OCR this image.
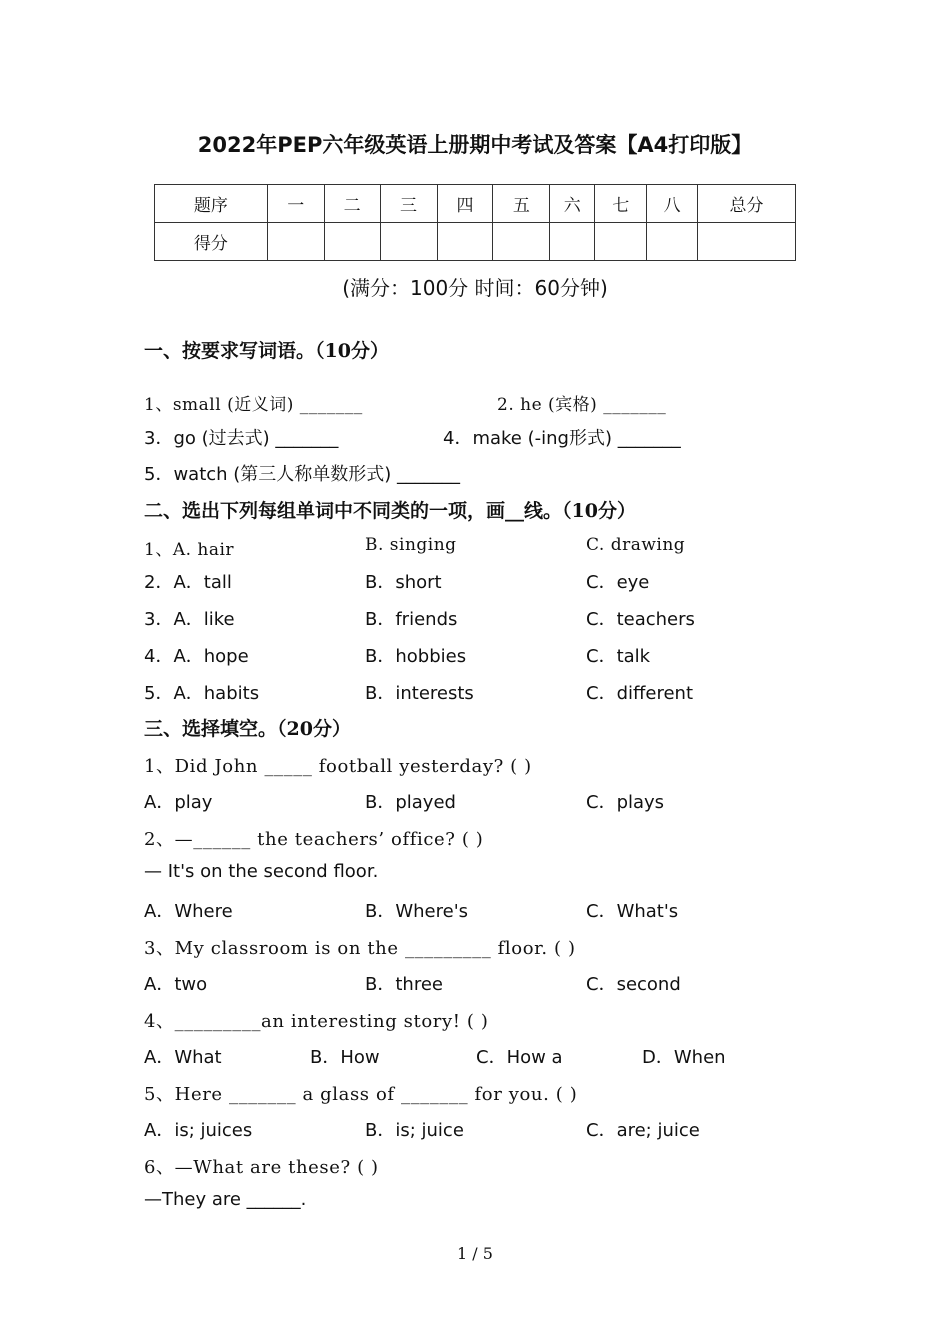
2022年PEP六年级英语上册期中考试及答案【A4打印版】
题序	一	二	三	四	五	六	七	八	总分
得分									
(满分：100分 时间：60分钟)
一、按要求写词语。（10分）
1、small (近义词) _______	2. he (宾格) _______
3．go (过去式) _______	4．make (-ing形式) _______
5．watch (第三人称单数形式) _______
二、选出下列每组单词中不同类的一项，画__线。（10分）
1、A. hair	B. singing	C. drawing
2．A．tall	B．short	C．eye
3．A．like	B．friends	C．teachers
4．A．hope	B．hobbies	C．talk
5．A．habits	B．interests	C．different
三、选择填空。（20分）
1、Did John _____ football yesterday? ( )
A．play	B．played	C．plays
2、—______ the teachers’ office? ( )
— It's on the second floor.
A．Where	B．Where's	C．What's
3、My classroom is on the _________ floor. ( )
A．two	B．three	C．second
4、_________an interesting story! ( )
A．What	B．How	C．How a	D．When
5、Here _______ a glass of _______ for you. ( )
A．is; juices	B．is; juice	C．are; juice
6、—What are these? ( )
—They are ______.
1 / 5
